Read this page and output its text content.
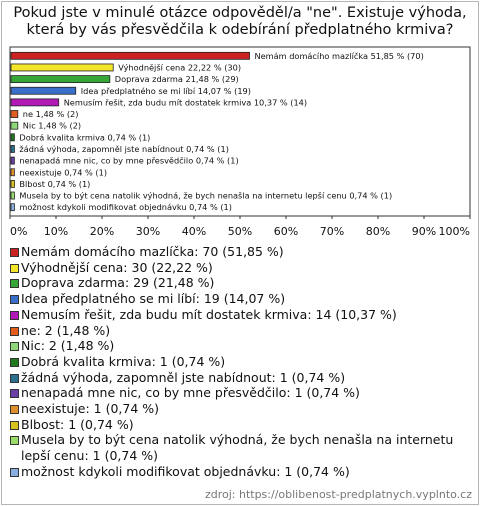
Pokud jste v minulé otázce odpověděl/a "ne". Existuje výhoda, která by vás přesvědčila k odebírání předplatného krmiva?
Nemám domácího mazlíčka 51,85 % (70)
Výhodnější cena 22,22 % (30)
Doprava zdarma 21,48 % (29)
Idea předplatného se mi líbí 14,07 % (19)
Nemusím řešit, zda budu mít dostatek krmiva 10,37 % (14)
ne 1,48 % (2)
Nic 1,48 % (2)
Dobrá kvalita krmiva 0,74 % (1)
žádná výhoda, zapomněl jste nabídnout 0,74 % (1)
nenapadá mne nic, co by mne přesvědčilo 0,74 % (1)
neexistuje 0,74 % (1)
Blbost 0,74 % (1)
Musela by to být cena natolik výhodná, že bych nenašla na internetu lepší cenu 0,74 % (1)
možnost kdykoli modifikovat objednávku 0,74 % (1)
0% 10% 20% 30% 40% 50% 60% 70% 80% 90% 100%
Nemám domácího mazlíčka: 70 (51,85 %)
Výhodnější cena: 30 (22,22 %)
Doprava zdarma: 29 (21,48 %)
Idea předplatného se mi líbí: 19 (14,07 %)
Nemusím řešit, zda budu mít dostatek krmiva: 14 (10,37 %)
ne: 2 (1,48 %)
Nic: 2 (1,48 %)
Dobrá kvalita krmiva: 1 (0,74 %)
žádná výhoda, zapomněl jste nabídnout: 1 (0,74 %)
nenapadá mne nic, co by mne přesvědčilo: 1 (0,74 %)
neexistuje: 1 (0,74 %)
Blbost: 1 (0,74 %)
Musela by to být cena natolik výhodná, že bych nenašla na internetu lepší cenu: 1 (0,74 %)
možnost kdykoli modifikovat objednávku: 1 (0,74 %)
zdroj: https://oblibenost-predplatnych.vyplnto.cz
